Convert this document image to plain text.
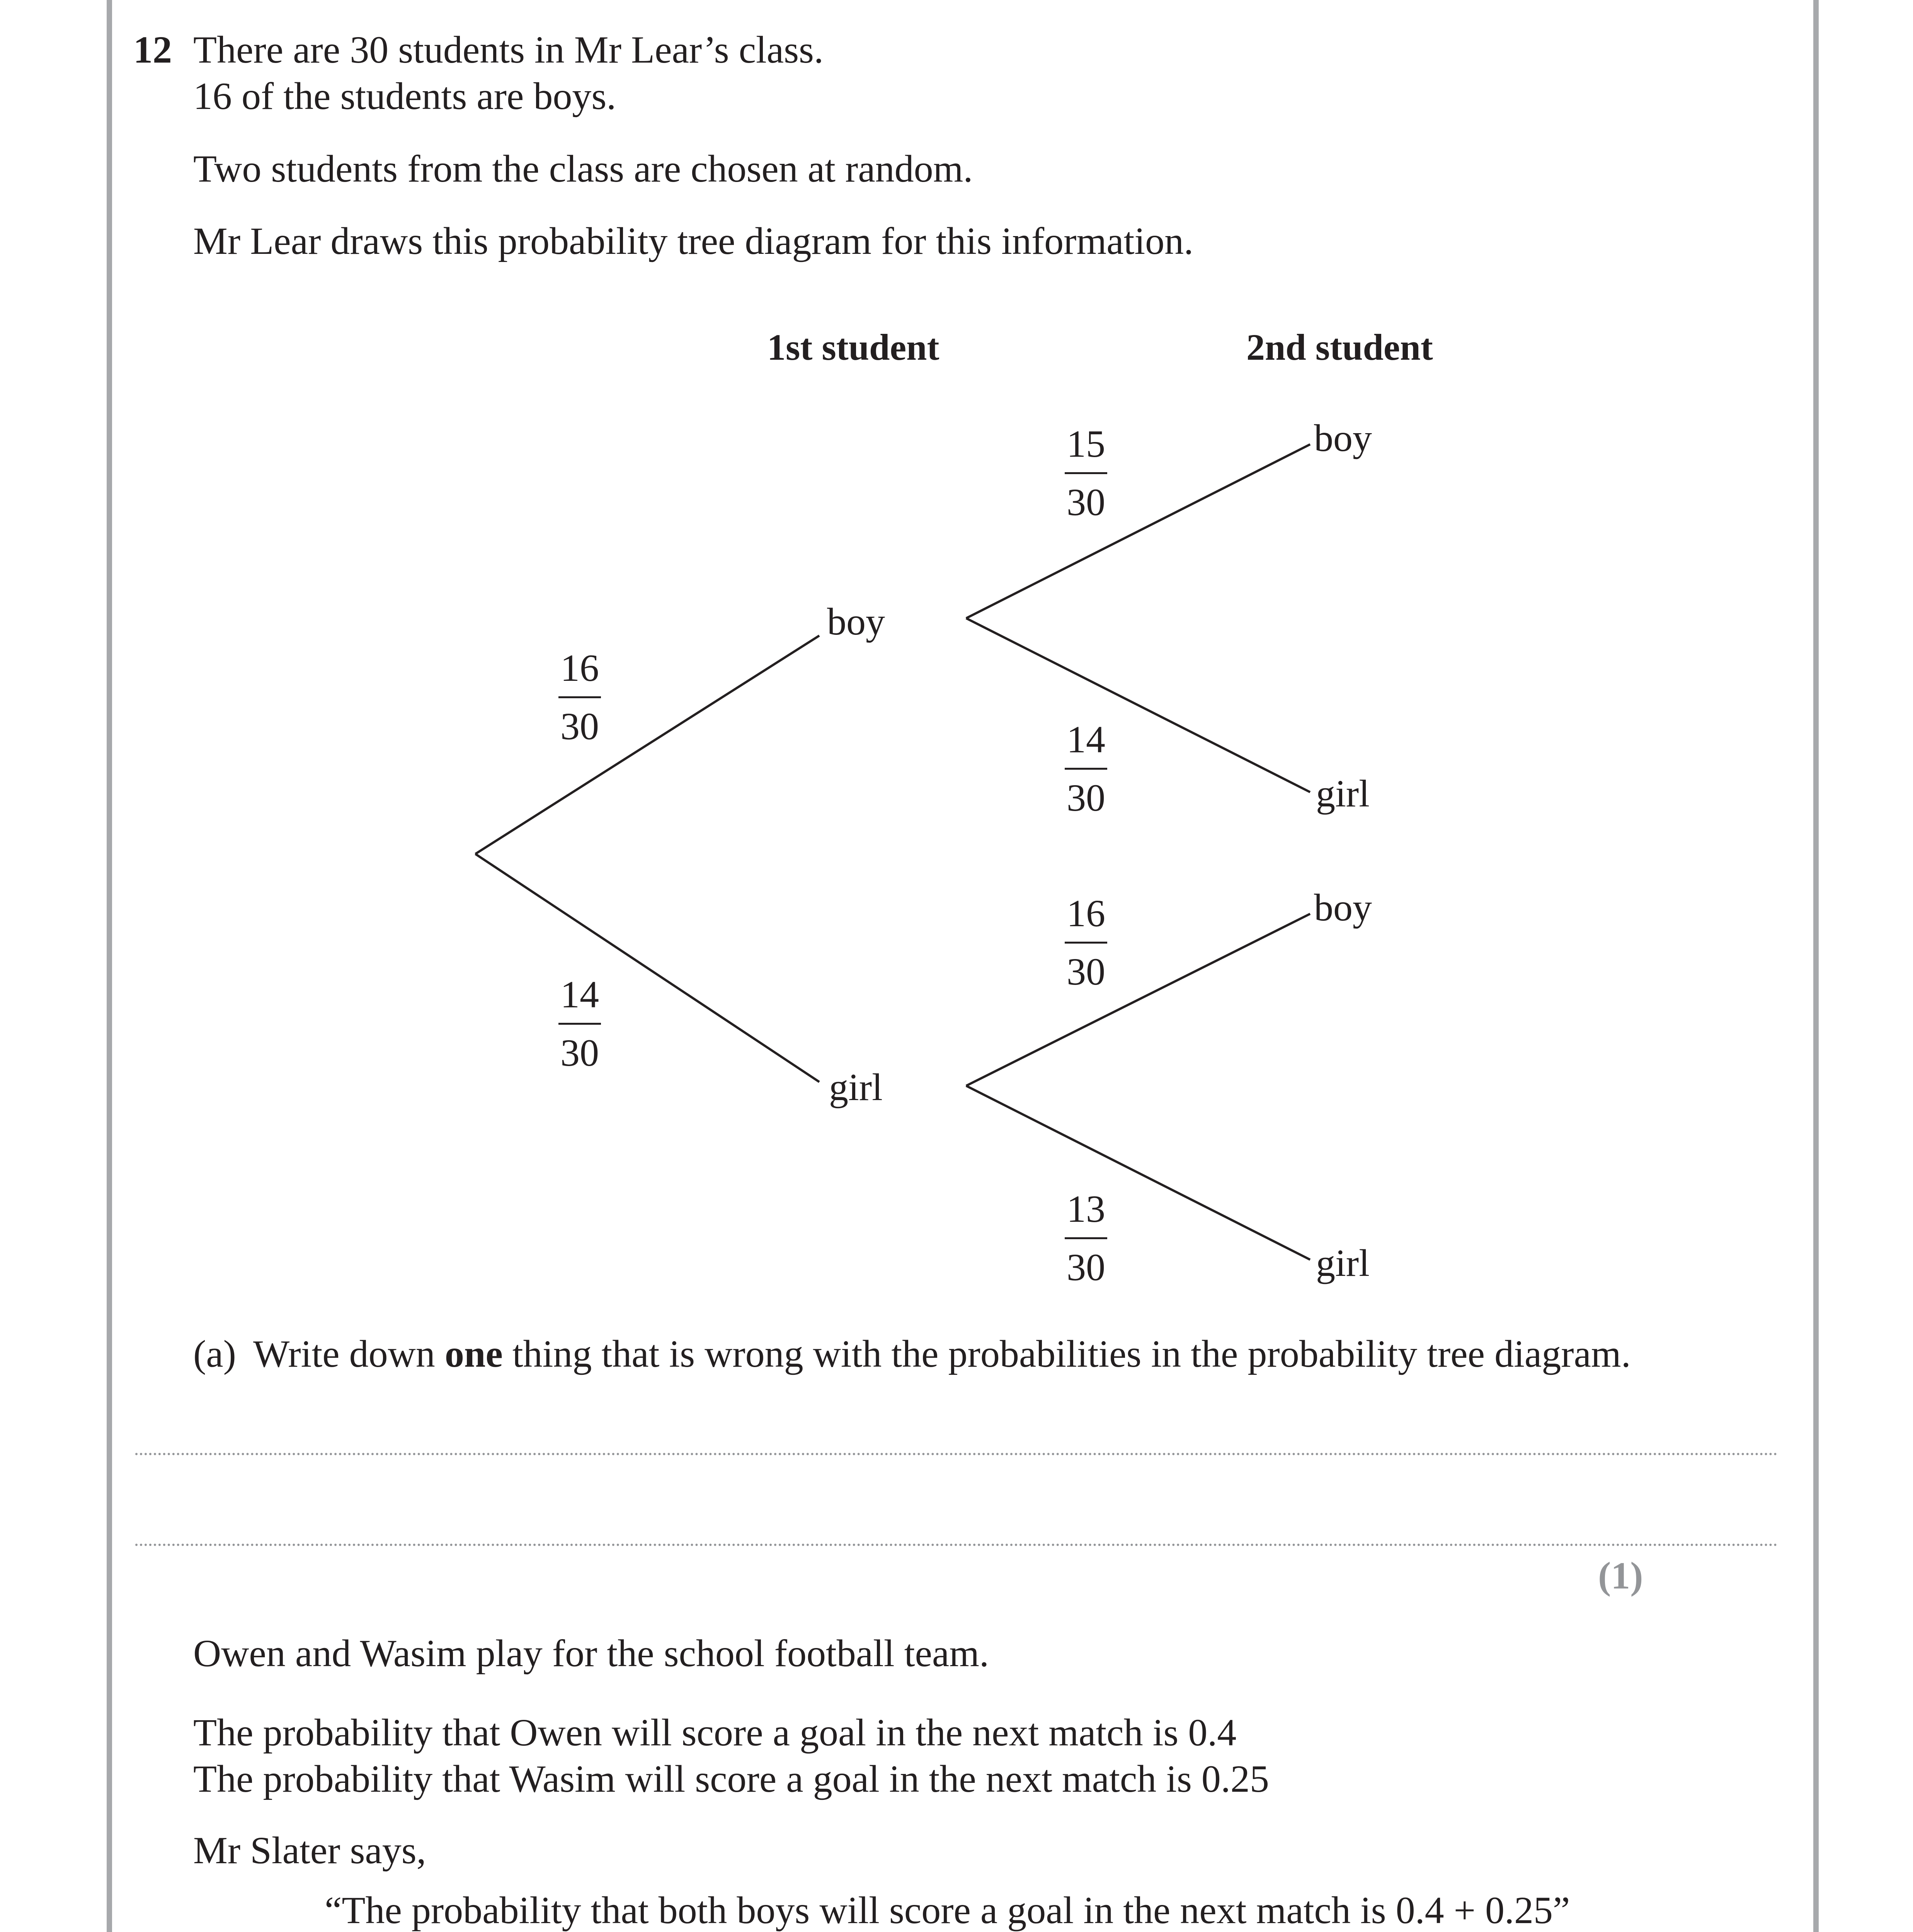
12 There are 30 students in Mr Lear’s class.
16 of the students are boys.
Two students from the class are chosen at random.
Mr Lear draws this probability tree diagram for this information.
1st student	2nd student
boy
girl
boy
girl
boy
girl
16
30
14
30
15
30
14
30
16
30
13
30
(a) Write down one thing that is wrong with the probabilities in the probability tree diagram.
(1)
Owen and Wasim play for the school football team.
The probability that Owen will score a goal in the next match is 0.4
The probability that Wasim will score a goal in the next match is 0.25
Mr Slater says,
“The probability that both boys will score a goal in the next match is 0.4 + 0.25”
